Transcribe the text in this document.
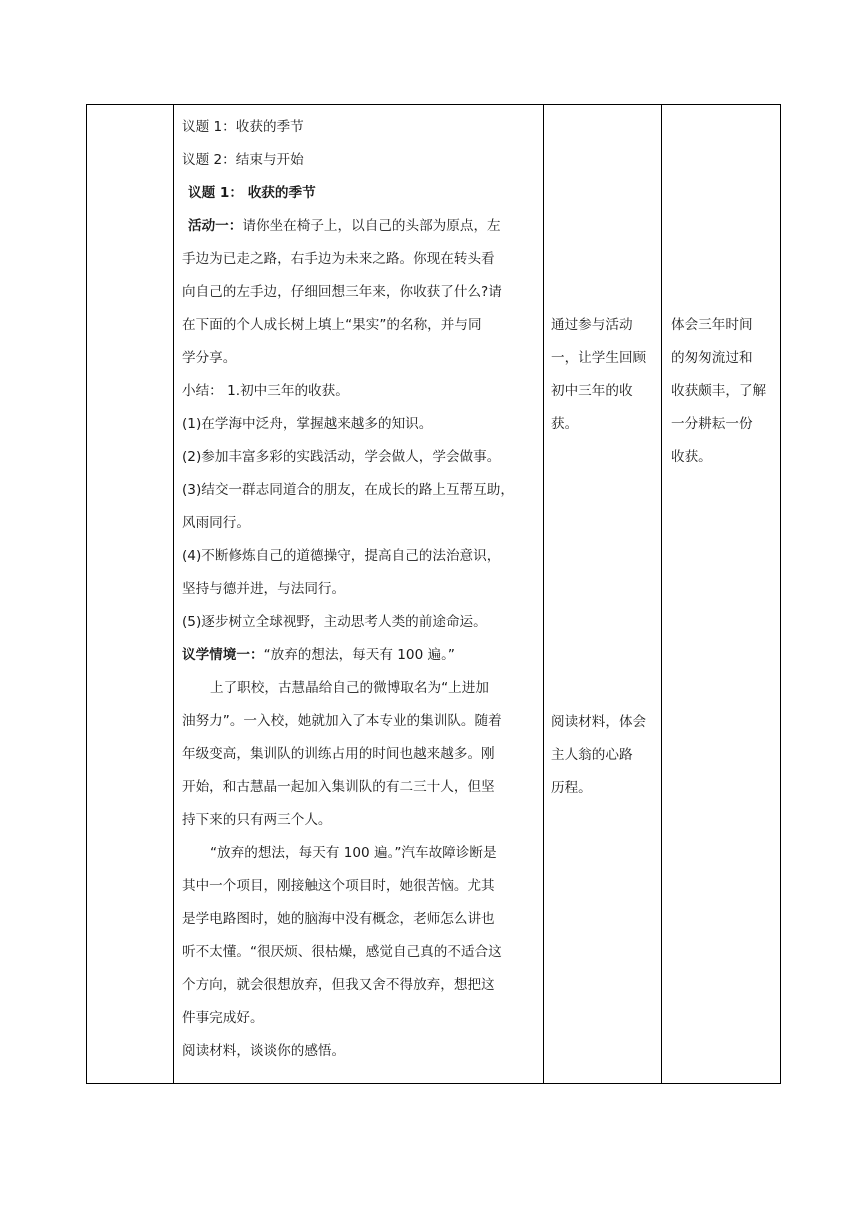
议题 1：收获的季节

议题 2：结束与开始

议题 1： 收获的季节

活动一：请你坐在椅子上，以自己的头部为原点，左

手边为已走之路，右手边为未来之路。你现在转头看

向自己的左手边，仔细回想三年来，你收获了什么?请

在下面的个人成长树上填上“果实”的名称，并与同

学分享。

小结： 1.初中三年的收获。

(1)在学海中泛舟，掌握越来越多的知识。

(2)参加丰富多彩的实践活动，学会做人，学会做事。

(3)结交一群志同道合的朋友，在成长的路上互帮互助，

风雨同行。

(4)不断修炼自己的道德操守，提高自己的法治意识，

坚持与德并进，与法同行。

(5)逐步树立全球视野，主动思考人类的前途命运。

议学情境一：“放弃的想法，每天有 100 遍。”

上了职校，古慧晶给自己的微博取名为“上进加

油努力”。一入校，她就加入了本专业的集训队。随着

年级变高，集训队的训练占用的时间也越来越多。刚

开始，和古慧晶一起加入集训队的有二三十人，但坚

持下来的只有两三个人。

“放弃的想法，每天有 100 遍。”汽车故障诊断是

其中一个项目，刚接触这个项目时，她很苦恼。尤其

是学电路图时，她的脑海中没有概念，老师怎么讲也

听不太懂。“很厌烦、很枯燥，感觉自己真的不适合这

个方向，就会很想放弃，但我又舍不得放弃，想把这

件事完成好。

阅读材料，谈谈你的感悟。

通过参与活动

一，让学生回顾

初中三年的收

获。

阅读材料，体会

主人翁的心路

历程。

体会三年时间

的匆匆流过和

收获颇丰，了解

一分耕耘一份

收获。
